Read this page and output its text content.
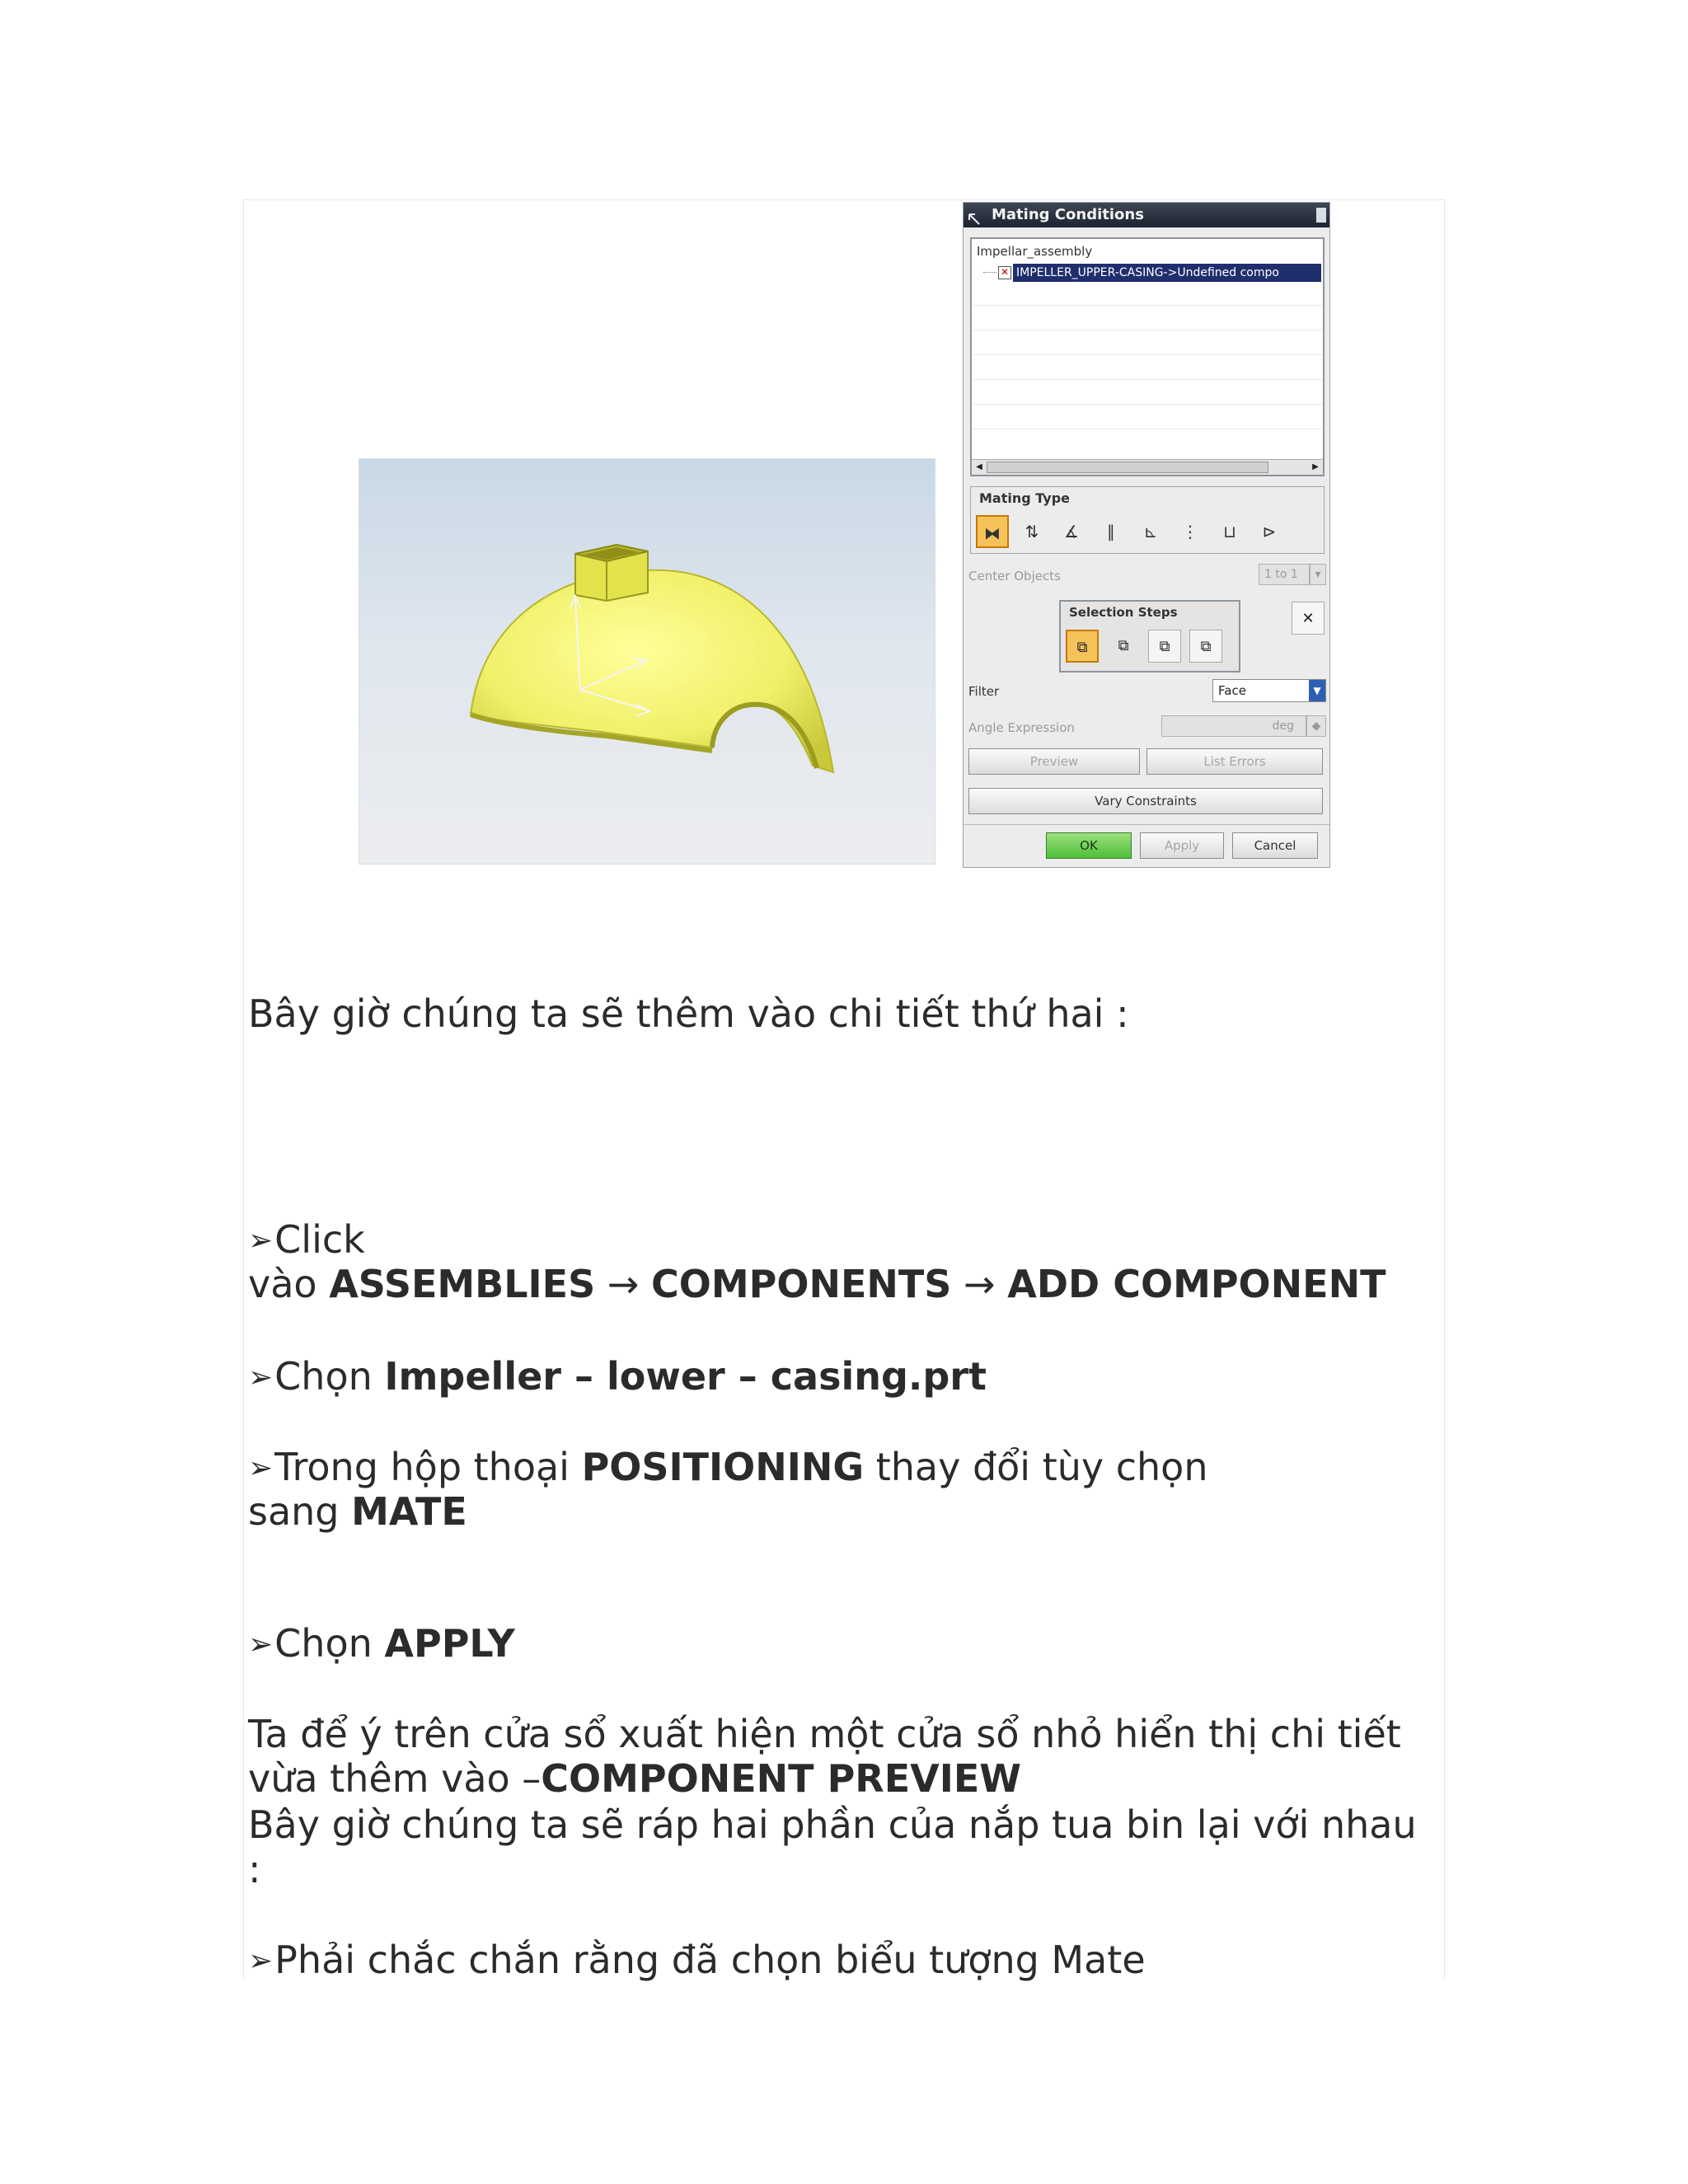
Mating Conditions
Impellar_assembly
✕ IMPELLER_UPPER-CASING->Undefined compo
◀	▶
Mating Type
⧓	⇅	∡	∥	⊾	⋮	⊔	⊳
Center Objects	1 to 1	▾
Selection Steps
⧉	⧉	⧉	⧉
✕
Filter	Face	▼
Angle Expression	deg	◆
Preview	List Errors
Vary Constraints
OK	Apply	Cancel
Bây giờ chúng ta sẽ thêm vào chi tiết thứ hai :
➢Click
vào ASSEMBLIES → COMPONENTS → ADD COMPONENT
➢Chọn Impeller – lower – casing.prt
➢Trong hộp thoại POSITIONING thay đổi tùy chọn
sang MATE
➢Chọn APPLY
Ta để ý trên cửa sổ xuất hiện một cửa sổ nhỏ hiển thị chi tiết
vừa thêm vào –COMPONENT PREVIEW
Bây giờ chúng ta sẽ ráp hai phần của nắp tua bin lại với nhau
:
➢Phải chắc chắn rằng đã chọn biểu tượng Mate
